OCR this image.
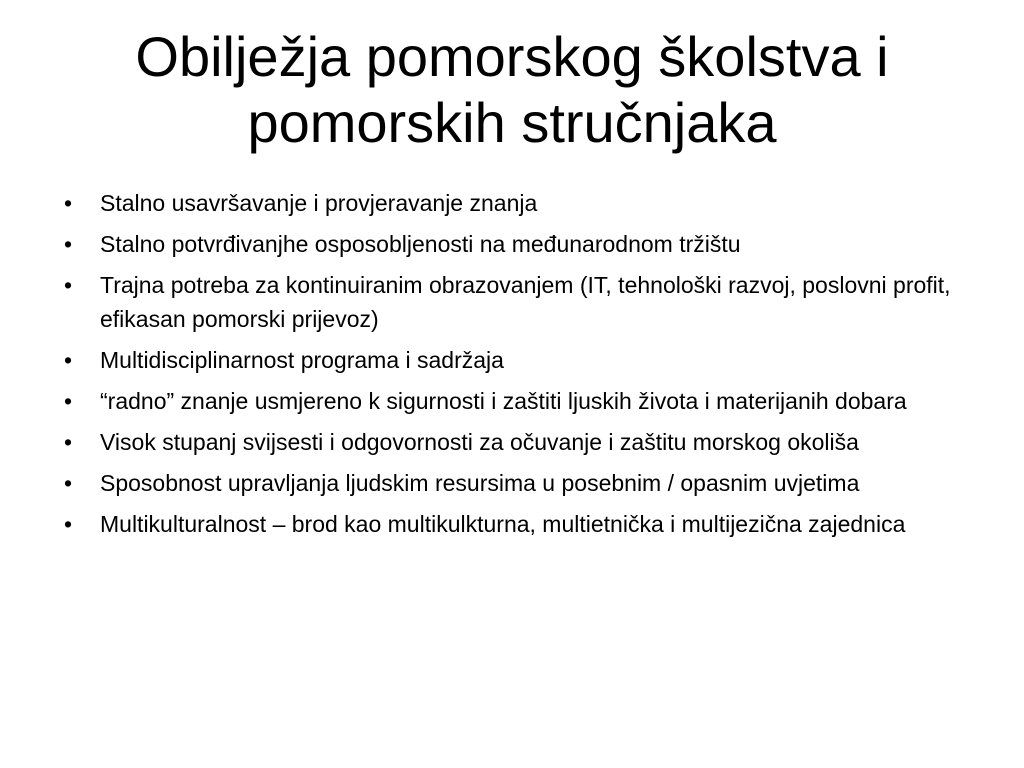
Obilježja pomorskog školstva i pomorskih stručnjaka
• Stalno usavršavanje i provjeravanje znanja
• Stalno potvrđivanjhe osposobljenosti na međunarodnom tržištu
• Trajna potreba za kontinuiranim obrazovanjem (IT, tehnološki razvoj, poslovni profit, efikasan pomorski prijevoz)
• Multidisciplinarnost programa i sadržaja
• “radno” znanje usmjereno k sigurnosti i zaštiti ljuskih života i materijanih dobara
• Visok stupanj svijsesti i odgovornosti za očuvanje i zaštitu morskog okoliša
• Sposobnost upravljanja ljudskim resursima u posebnim / opasnim uvjetima
• Multikulturalnost – brod kao multikulkturna, multietnička i multijezična zajednica
